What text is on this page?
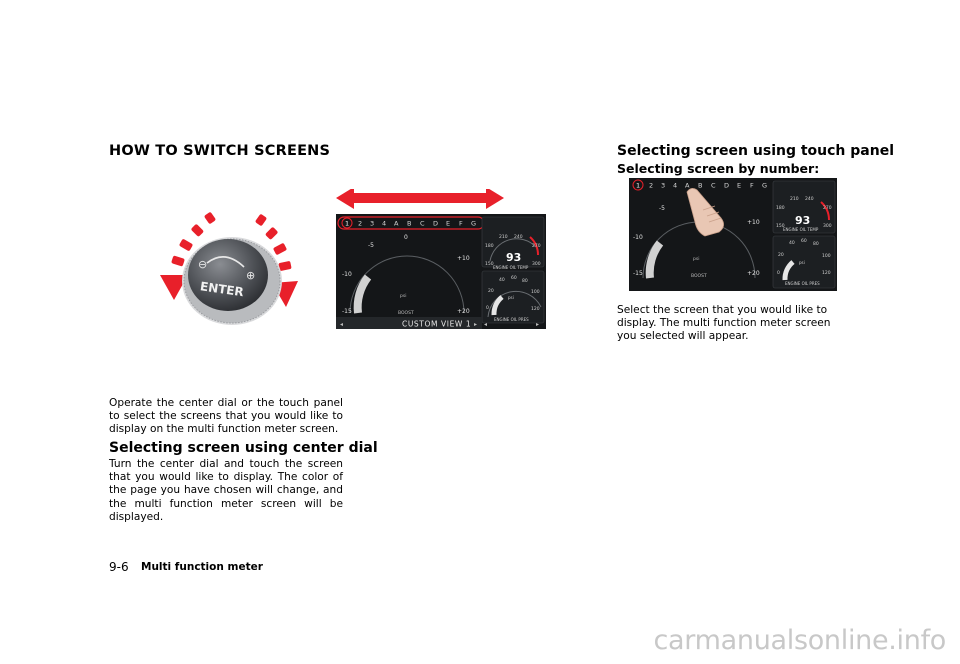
HOW TO SWITCH SCREENS
⊖
⊕
ENTER
1 2 3 4 A B C D E F G
0
-5
+10
-10
-15	+20
psi
BOOST
210 240
180	270
150	300
93
ENGINE OIL TEMP
40 60
80
20	100
0	120
psi
ENGINE OIL PRES
◂	▸
CUSTOM VIEW 1 ◂	▸

Operate the center dial or the touch panel to select the screens that you would like to display on the multi function meter screen.

Selecting screen using center dial

Turn the center dial and touch the screen that you would like to display. The color of the page you have chosen will change, and the multi function meter screen will be displayed.

Selecting screen using touch panel
Selecting screen by number:
1 2 3 4 A B C D E F G
-5
+10
-10
-15	+20
psi
BOOST
210 240
180	270
150	300
93
ENGINE OIL TEMP
40 60
80
20	100
0	120
psi
ENGINE OIL PRES

Select the screen that you would like to display. The multi function meter screen you selected will appear.

9-6 Multi function meter
carmanualsonline.info
